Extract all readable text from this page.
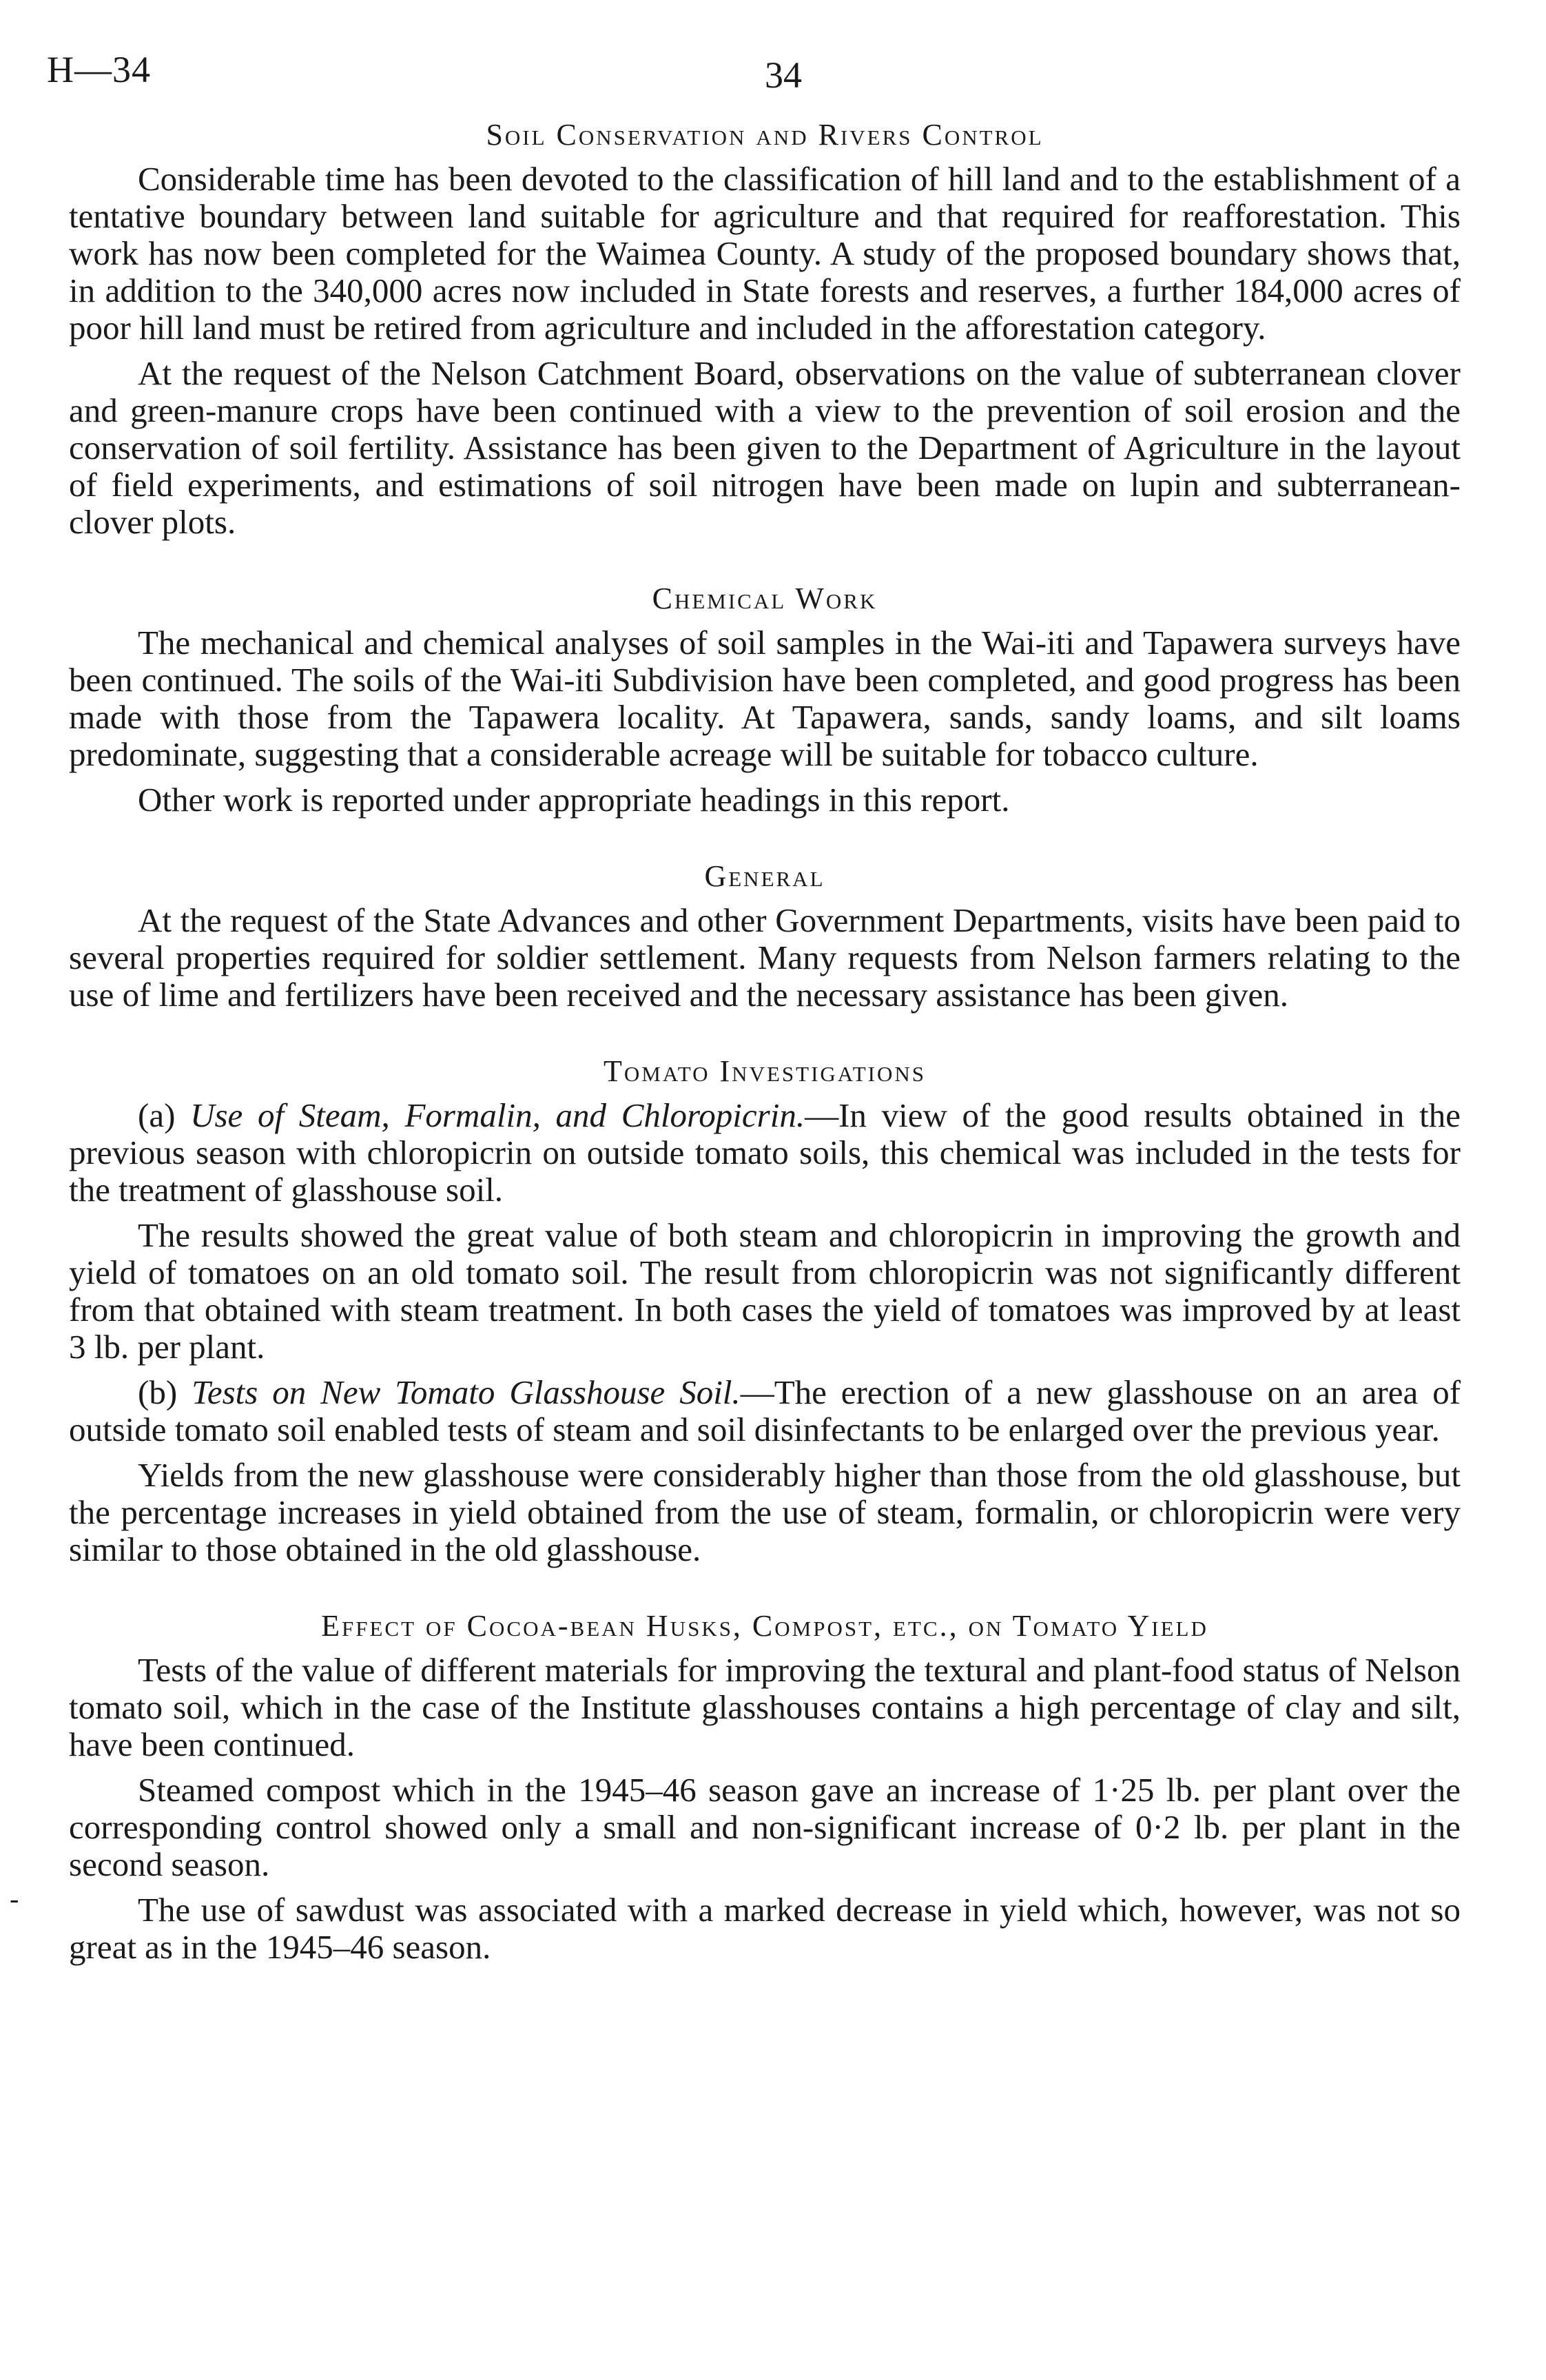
H—34	34
Soil Conservation and Rivers Control

Considerable time has been devoted to the classification of hill land and to the establishment of a tentative boundary between land suitable for agriculture and that required for reafforestation. This work has now been completed for the Waimea County. A study of the proposed boundary shows that, in addition to the 340,000 acres now included in State forests and reserves, a further 184,000 acres of poor hill land must be retired from agriculture and included in the afforestation category.

At the request of the Nelson Catchment Board, observations on the value of subterranean clover and green-manure crops have been continued with a view to the prevention of soil erosion and the conservation of soil fertility. Assistance has been given to the Department of Agriculture in the layout of field experiments, and estimations of soil nitrogen have been made on lupin and subterranean-clover plots.

Chemical Work

The mechanical and chemical analyses of soil samples in the Wai-iti and Tapawera surveys have been continued. The soils of the Wai-iti Subdivision have been completed, and good progress has been made with those from the Tapawera locality. At Tapawera, sands, sandy loams, and silt loams predominate, suggesting that a considerable acreage will be suitable for tobacco culture.

Other work is reported under appropriate headings in this report.

General

At the request of the State Advances and other Government Departments, visits have been paid to several properties required for soldier settlement. Many requests from Nelson farmers relating to the use of lime and fertilizers have been received and the necessary assistance has been given.

Tomato Investigations

(a) Use of Steam, Formalin, and Chloropicrin.—In view of the good results obtained in the previous season with chloropicrin on outside tomato soils, this chemical was included in the tests for the treatment of glasshouse soil.

The results showed the great value of both steam and chloropicrin in improving the growth and yield of tomatoes on an old tomato soil. The result from chloropicrin was not significantly different from that obtained with steam treatment. In both cases the yield of tomatoes was improved by at least 3 lb. per plant.

(b) Tests on New Tomato Glasshouse Soil.—The erection of a new glasshouse on an area of outside tomato soil enabled tests of steam and soil disinfectants to be enlarged over the previous year.

Yields from the new glasshouse were considerably higher than those from the old glasshouse, but the percentage increases in yield obtained from the use of steam, formalin, or chloropicrin were very similar to those obtained in the old glasshouse.

Effect of Cocoa-bean Husks, Compost, etc., on Tomato Yield

Tests of the value of different materials for improving the textural and plant-food status of Nelson tomato soil, which in the case of the Institute glasshouses contains a high percentage of clay and silt, have been continued.

Steamed compost which in the 1945–46 season gave an increase of 1·25 lb. per plant over the corresponding control showed only a small and non-significant increase of 0·2 lb. per plant in the second season.

The use of sawdust was associated with a marked decrease in yield which, however, was not so great as in the 1945–46 season.

-
